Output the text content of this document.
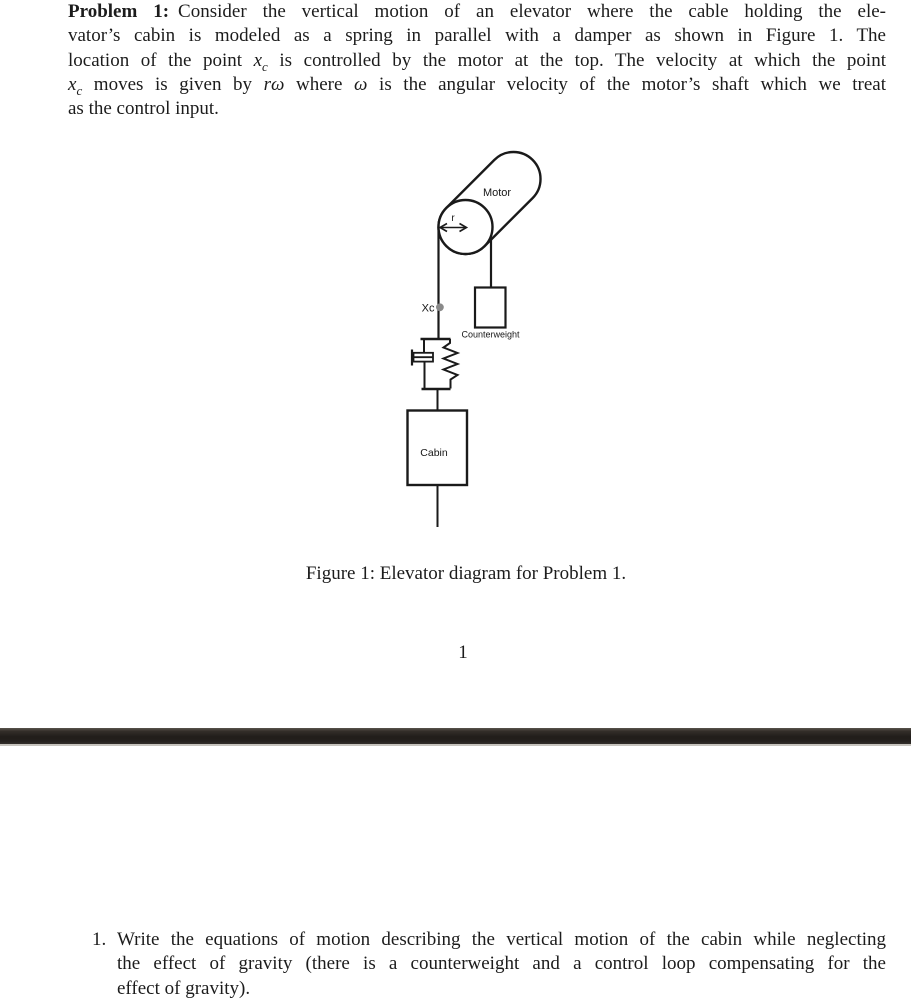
Problem 1: Consider the vertical motion of an elevator where the cable holding the ele-
vator’s cabin is modeled as a spring in parallel with a damper as shown in Figure 1. The
location of the point $x_c$ is controlled by the motor at the top. The velocity at which the point
$x_c$ moves is given by rω where ω is the angular velocity of the motor’s shaft which we treat
as the control input.
r
Motor
Xc
Counterweight
Cabin
Figure 1: Elevator diagram for Problem 1.
1
1. Write the equations of motion describing the vertical motion of the cabin while neglecting
the effect of gravity (there is a counterweight and a control loop compensating for the
effect of gravity).
